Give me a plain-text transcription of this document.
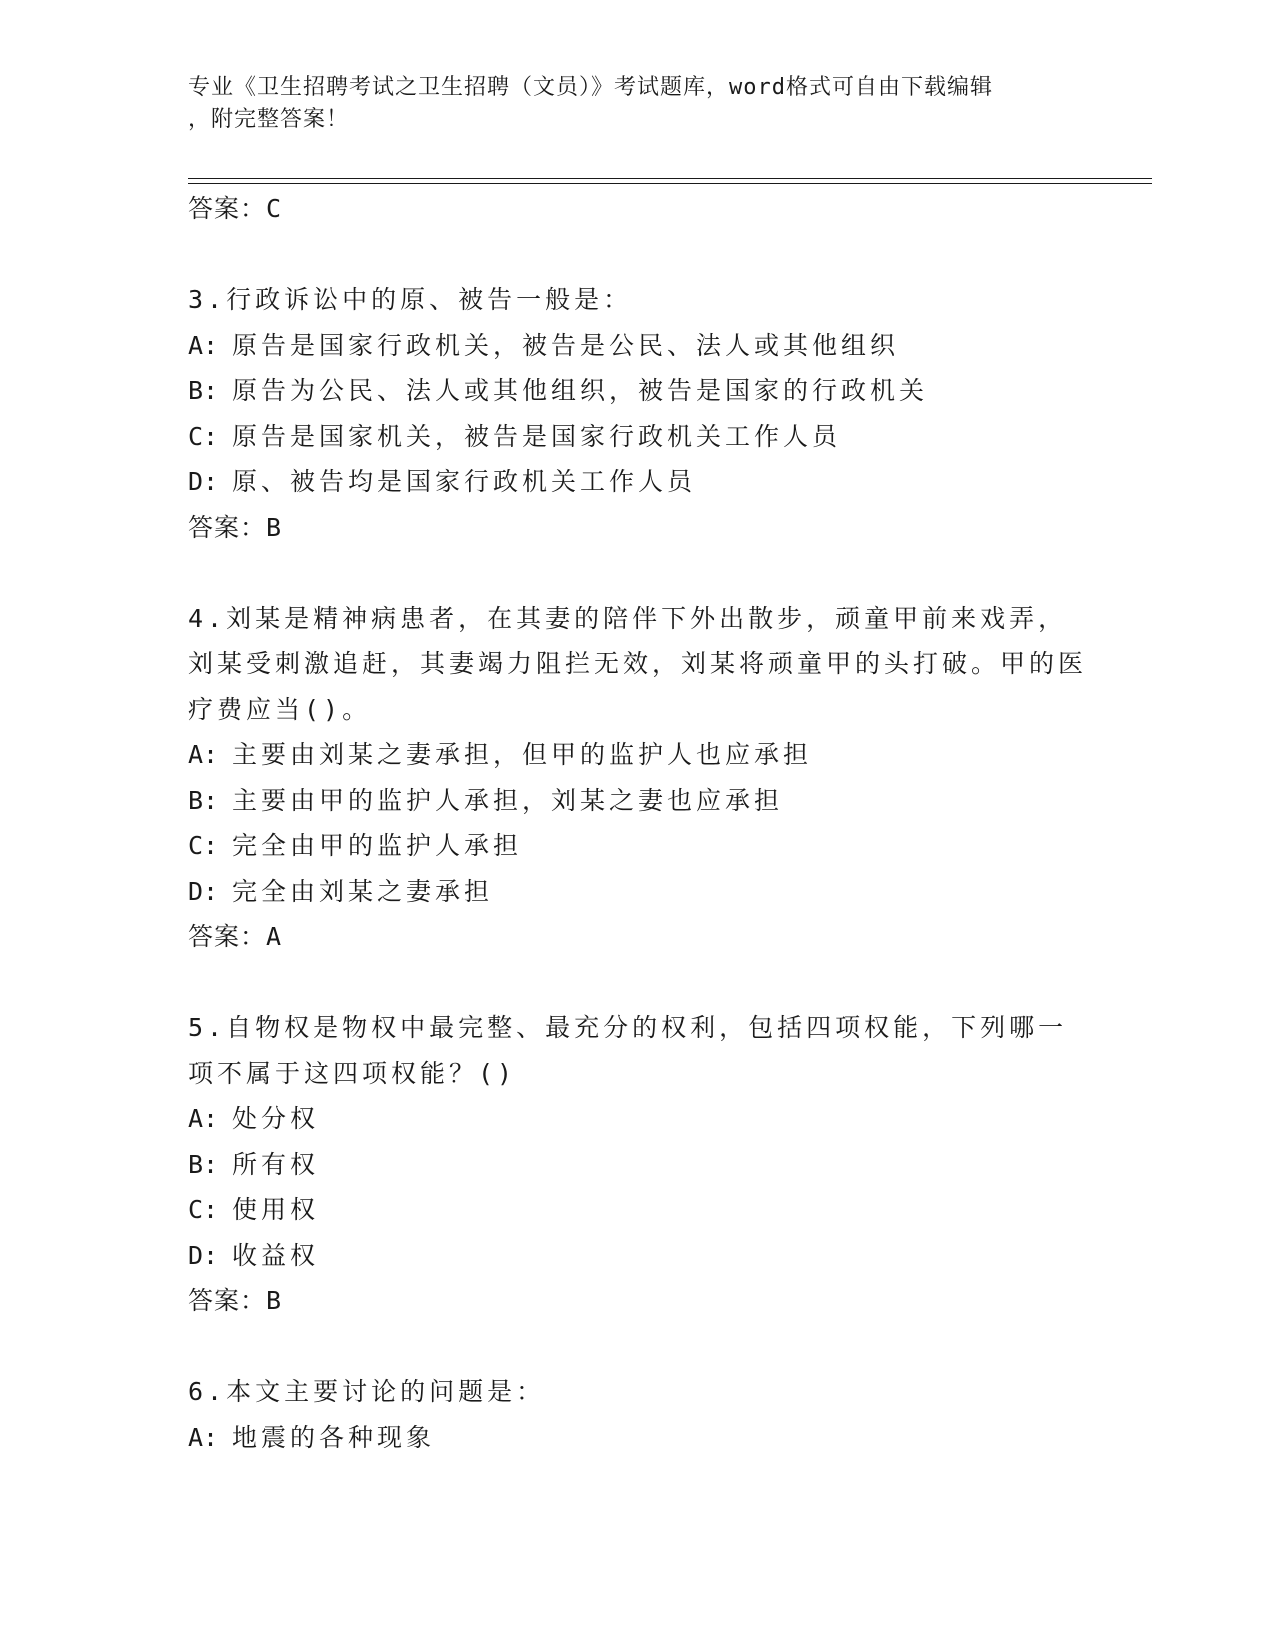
专业《卫生招聘考试之卫生招聘（文员）》考试题库，word格式可自由下载编辑
，附完整答案！
答案：C
3.行政诉讼中的原、被告一般是：
A: 原告是国家行政机关，被告是公民、法人或其他组织
B: 原告为公民、法人或其他组织，被告是国家的行政机关
C: 原告是国家机关，被告是国家行政机关工作人员
D: 原、被告均是国家行政机关工作人员
答案：B
4.刘某是精神病患者，在其妻的陪伴下外出散步，顽童甲前来戏弄，刘某受刺激追赶，其妻竭力阻拦无效，刘某将顽童甲的头打破。甲的医疗费应当()。
A: 主要由刘某之妻承担，但甲的监护人也应承担
B: 主要由甲的监护人承担，刘某之妻也应承担
C: 完全由甲的监护人承担
D: 完全由刘某之妻承担
答案：A
5.自物权是物权中最完整、最充分的权利，包括四项权能，下列哪一项不属于这四项权能？()
A: 处分权
B: 所有权
C: 使用权
D: 收益权
答案：B
6.本文主要讨论的问题是：
A: 地震的各种现象
